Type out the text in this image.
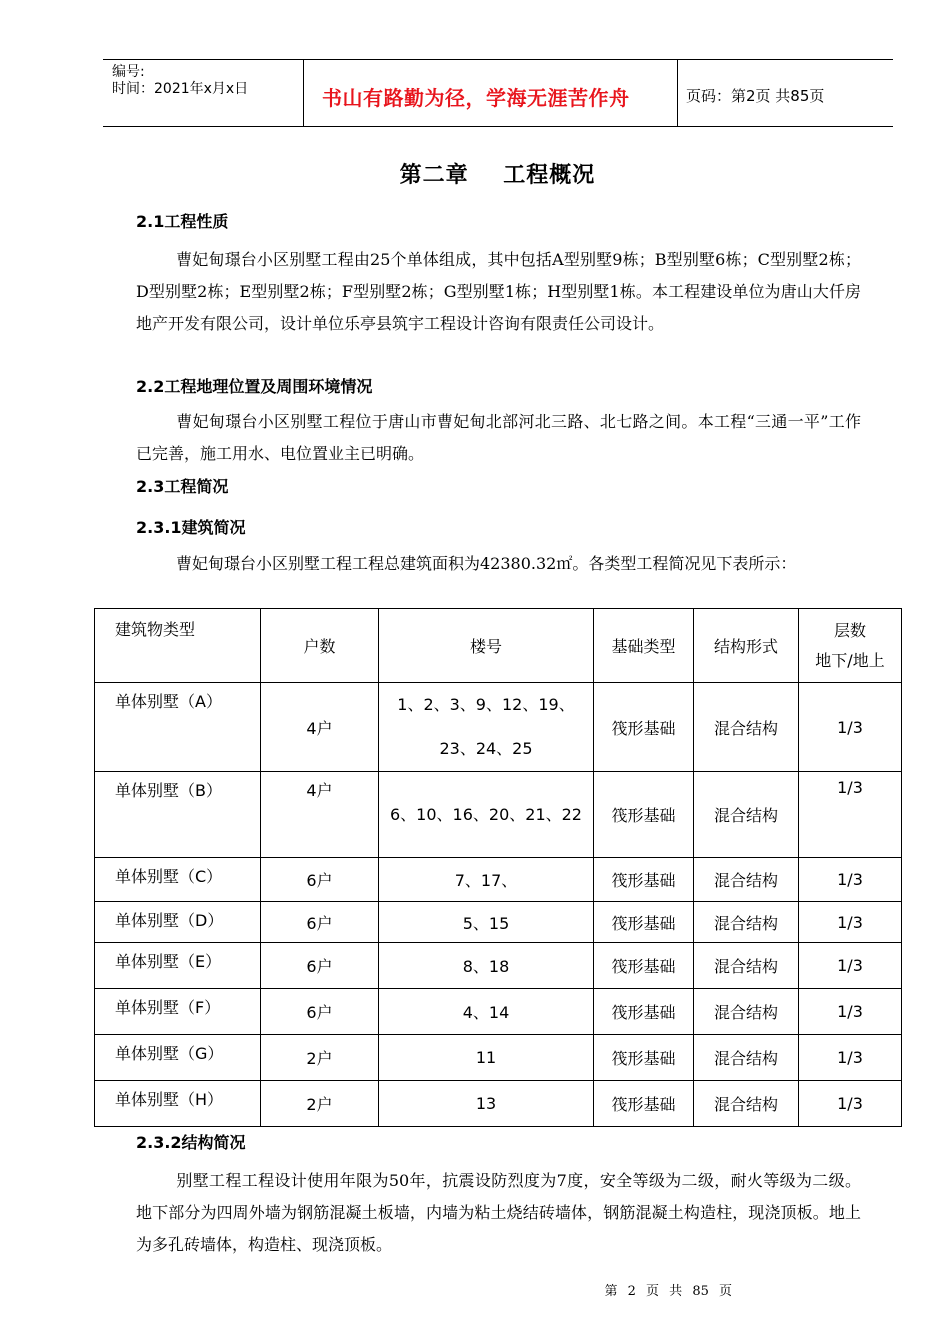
编号:
时间：2021年x月x日	书山有路勤为径，学海无涯苦作舟	页码：第2页 共85页
第二章    工程概况
2.1工程性质

曹妃甸璟台小区别墅工程由25个单体组成，其中包括A型别墅9栋；B型别墅6栋；C型别墅2栋；D型别墅2栋；E型别墅2栋；F型别墅2栋；G型别墅1栋；H型别墅1栋。本工程建设单位为唐山大仟房地产开发有限公司，设计单位乐亭县筑宇工程设计咨询有限责任公司设计。

2.2工程地理位置及周围环境情况

曹妃甸璟台小区别墅工程位于唐山市曹妃甸北部河北三路、北七路之间。本工程“三通一平”工作已完善，施工用水、电位置业主已明确。

2.3工程简况
2.3.1建筑简况

曹妃甸璟台小区别墅工程工程总建筑面积为42380.32㎡。各类型工程简况见下表所示：

建筑物类型	户数	楼号	基础类型	结构形式	层数
地下/地上

单体别墅（A）	4户	1、2、3、9、12、19、23、24、25	筏形基础	混合结构	1/3
单体别墅（B）	4户	6、10、16、20、21、22	筏形基础	混合结构	1/3
单体别墅（C）	6户	7、17、	筏形基础	混合结构	1/3
单体别墅（D）	6户	5、15	筏形基础	混合结构	1/3
单体别墅（E）	6户	8、18	筏形基础	混合结构	1/3
单体别墅（F）	6户	4、14	筏形基础	混合结构	1/3
单体别墅（G）	2户	11	筏形基础	混合结构	1/3
单体别墅（H）	2户	13	筏形基础	混合结构	1/3
2.3.2结构简况

别墅工程工程设计使用年限为50年，抗震设防烈度为7度，安全等级为二级，耐火等级为二级。地下部分为四周外墙为钢筋混凝土板墙，内墙为粘土烧结砖墙体，钢筋混凝土构造柱，现浇顶板。地上为多孔砖墙体，构造柱、现浇顶板。

第 2 页 共 85 页
